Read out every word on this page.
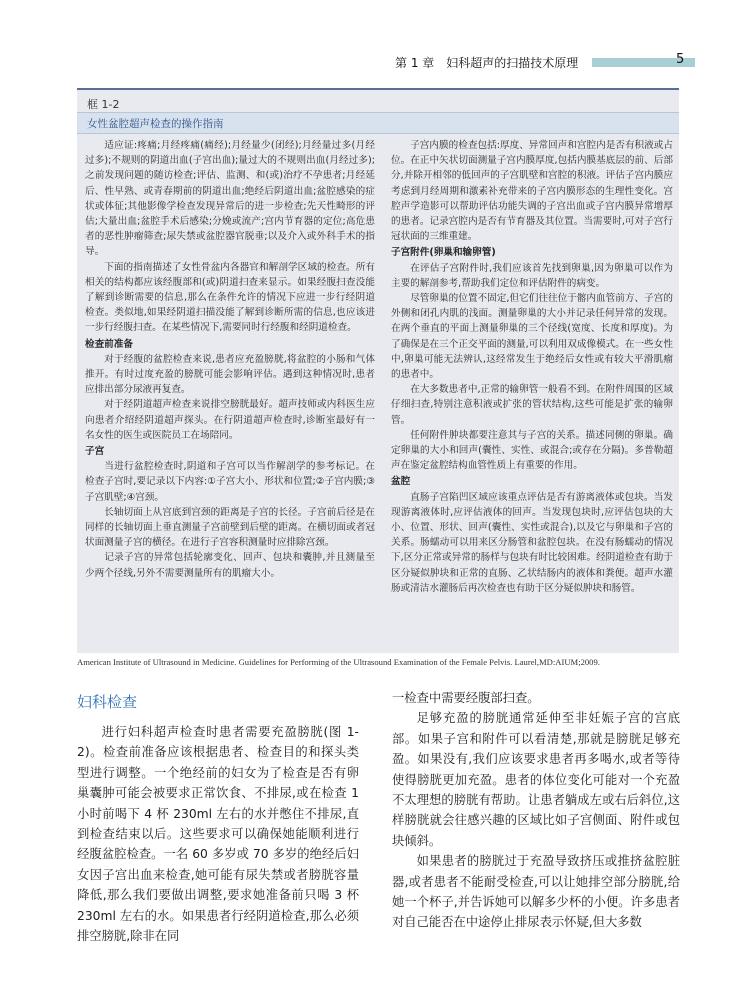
第 1 章　妇科超声的扫描技术原理	5
框 1-2
女性盆腔超声检查的操作指南

适应证:疼痛;月经疼痛(痛经);月经量少(闭经);月经量过多(月经过多);不规则的阴道出血(子宫出血);量过大的不规则出血(月经过多);之前发现问题的随访检查;评估、监测、和(或)治疗不孕患者;月经延后、性早熟、或青春期前的阴道出血;绝经后阴道出血;盆腔感染的症状或体征;其他影像学检查发现异常后的进一步检查;先天性畸形的评估;大量出血;盆腔手术后感染;分娩或流产;宫内节育器的定位;高危患者的恶性肿瘤筛查;尿失禁或盆腔器官脱垂;以及介入或外科手术的指导。

下面的指南描述了女性骨盆内各器官和解剖学区域的检查。所有相关的结构都应该经腹部和(或)阴道扫查来显示。如果经腹扫查没能了解到诊断需要的信息,那么在条件允许的情况下应进一步行经阴道检查。类似地,如果经阴道扫描没能了解到诊断所需的信息,也应该进一步行经腹扫查。在某些情况下,需要同时行经腹和经阴道检查。

检查前准备

对于经腹的盆腔检查来说,患者应充盈膀胱,将盆腔的小肠和气体推开。有时过度充盈的膀胱可能会影响评估。遇到这种情况时,患者应排出部分尿液再复查。

对于经阴道超声检查来说排空膀胱最好。超声技师或内科医生应向患者介绍经阴道超声探头。在行阴道超声检查时,诊断室最好有一名女性的医生或医院员工在场陪同。

子宫

当进行盆腔检查时,阴道和子宫可以当作解剖学的参考标记。在检查子宫时,要记录以下内容:①子宫大小、形状和位置;②子宫内膜;③子宫肌壁;④宫颈。

长轴切面上从宫底到宫颈的距离是子宫的长径。子宫前后径是在同样的长轴切面上垂直测量子宫前壁到后壁的距离。在横切面或者冠状面测量子宫的横径。在进行子宫容积测量时应排除宫颈。

记录子宫的异常包括轮廓变化、回声、包块和囊肿,并且测量至少两个径线,另外不需要测量所有的肌瘤大小。

子宫内膜的检查包括:厚度、异常回声和宫腔内是否有积液或占位。在正中矢状切面测量子宫内膜厚度,包括内膜基底层的前、后部分,并除开相邻的低回声的子宫肌壁和宫腔的积液。评估子宫内膜应考虑到月经周期和激素补充带来的子宫内膜形态的生理性变化。宫腔声学造影可以帮助评估功能失调的子宫出血或子宫内膜异常增厚的患者。记录宫腔内是否有节育器及其位置。当需要时,可对子宫行冠状面的三维重建。

子宫附件(卵巢和输卵管)

在评估子宫附件时,我们应该首先找到卵巢,因为卵巢可以作为主要的解剖参考,帮助我们定位和评估附件的病变。

尽管卵巢的位置不固定,但它们往往位于髂内血管前方、子宫的外侧和闭孔内肌的浅面。测量卵巢的大小并记录任何异常的发现。在两个垂直的平面上测量卵巢的三个径线(宽度、长度和厚度)。为了确保是在三个正交平面的测量,可以利用双成像模式。在一些女性中,卵巢可能无法辨认,这经常发生于绝经后女性或有较大平滑肌瘤的患者中。

在大多数患者中,正常的输卵管一般看不到。在附件周围的区域仔细扫查,特别注意积液或扩张的管状结构,这些可能是扩张的输卵管。

任何附件肿块都要注意其与子宫的关系。描述同侧的卵巢。确定卵巢的大小和回声(囊性、实性、或混合;或存在分隔)。多普勒超声在鉴定盆腔结构血管性质上有重要的作用。

盆腔

直肠子宫陷凹区域应该重点评估是否有游离液体或包块。当发现游离液体时,应评估液体的回声。当发现包块时,应评估包块的大小、位置、形状、回声(囊性、实性或混合),以及它与卵巢和子宫的关系。肠蠕动可以用来区分肠管和盆腔包块。在没有肠蠕动的情况下,区分正常或异常的肠样与包块有时比较困难。经阴道检查有助于区分疑似肿块和正常的直肠、乙状结肠内的液体和粪便。超声水灌肠或清洁水灌肠后再次检查也有助于区分疑似肿块和肠管。

American Institute of Ultrasound in Medicine. Guidelines for Performing of the Ultrasound Examination of the Female Pelvis. Laurel,MD:AIUM;2009.
妇科检查

进行妇科超声检查时患者需要充盈膀胱(图 1-2)。检查前准备应该根据患者、检查目的和探头类型进行调整。一个绝经前的妇女为了检查是否有卵巢囊肿可能会被要求正常饮食、不排尿,或在检查 1 小时前喝下 4 杯 230ml 左右的水并憋住不排尿,直到检查结束以后。这些要求可以确保她能顺利进行经腹盆腔检查。一名 60 多岁或 70 多岁的绝经后妇女因子宫出血来检查,她可能有尿失禁或者膀胱容量降低,那么我们要做出调整,要求她准备前只喝 3 杯 230ml 左右的水。如果患者行经阴道检查,那么必须排空膀胱,除非在同

一检查中需要经腹部扫查。

足够充盈的膀胱通常延伸至非妊娠子宫的宫底部。如果子宫和附件可以看清楚,那就是膀胱足够充盈。如果没有,我们应该要求患者再多喝水,或者等待使得膀胱更加充盈。患者的体位变化可能对一个充盈不太理想的膀胱有帮助。让患者躺成左或右后斜位,这样膀胱就会往感兴趣的区域比如子宫侧面、附件或包块倾斜。

如果患者的膀胱过于充盈导致挤压或推挤盆腔脏器,或者患者不能耐受检查,可以让她排空部分膀胱,给她一个杯子,并告诉她可以解多少杯的小便。许多患者对自己能否在中途停止排尿表示怀疑,但大多数
